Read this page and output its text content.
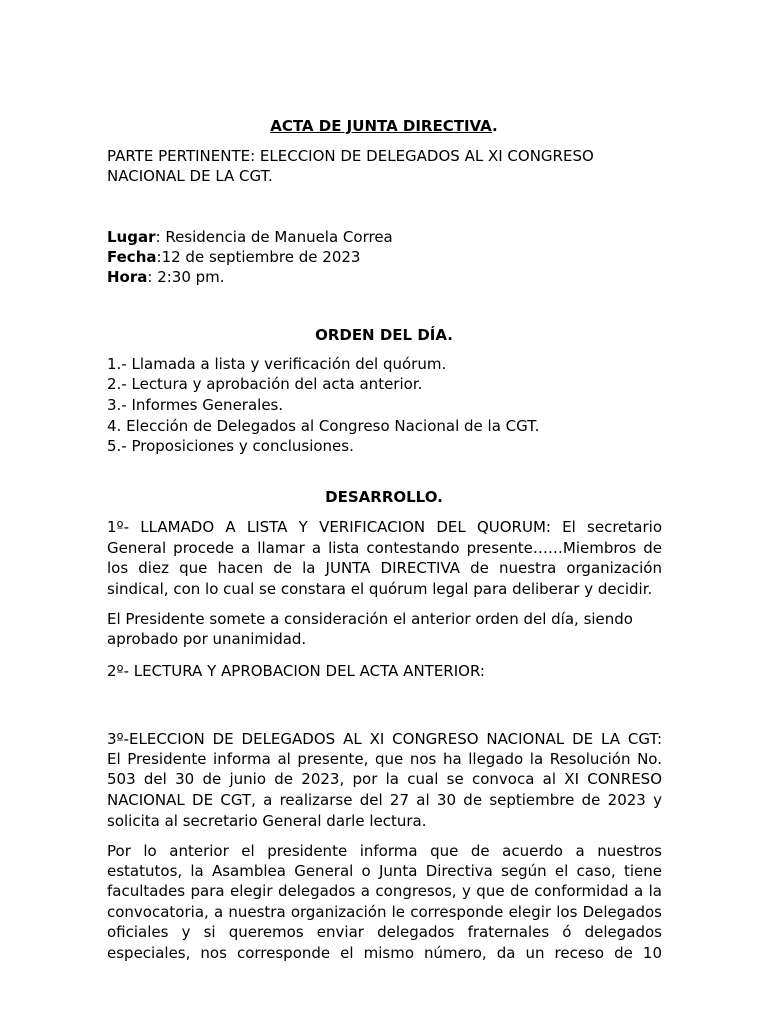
ACTA DE JUNTA DIRECTIVA.
PARTE PERTINENTE: ELECCION DE DELEGADOS AL XI CONGRESO
NACIONAL DE LA CGT.
Lugar: Residencia de Manuela Correa
Fecha:12 de septiembre de 2023
Hora: 2:30 pm.
ORDEN DEL DÍA.
1.- Llamada a lista y verificación del quórum.
2.- Lectura y aprobación del acta anterior.
3.- Informes Generales.
4. Elección de Delegados al Congreso Nacional de la CGT.
5.- Proposiciones y conclusiones.
DESARROLLO.
1º- LLAMADO A LISTA Y VERIFICACION DEL QUORUM: El secretario
General procede a llamar a lista contestando presente……Miembros de
los diez que hacen de la JUNTA DIRECTIVA de nuestra organización
sindical, con lo cual se constara el quórum legal para deliberar y decidir.
El Presidente somete a consideración el anterior orden del día, siendo
aprobado por unanimidad.
2º- LECTURA Y APROBACION DEL ACTA ANTERIOR:
3º-ELECCION DE DELEGADOS AL XI CONGRESO NACIONAL DE LA CGT:
El Presidente informa al presente, que nos ha llegado la Resolución No.
503 del 30 de junio de 2023, por la cual se convoca al XI CONRESO
NACIONAL DE CGT, a realizarse del 27 al 30 de septiembre de 2023 y
solicita al secretario General darle lectura.
Por lo anterior el presidente informa que de acuerdo a nuestros
estatutos, la Asamblea General o Junta Directiva según el caso, tiene
facultades para elegir delegados a congresos, y que de conformidad a la
convocatoria, a nuestra organización le corresponde elegir los Delegados
oficiales y si queremos enviar delegados fraternales ó delegados
especiales, nos corresponde el mismo número, da un receso de 10
